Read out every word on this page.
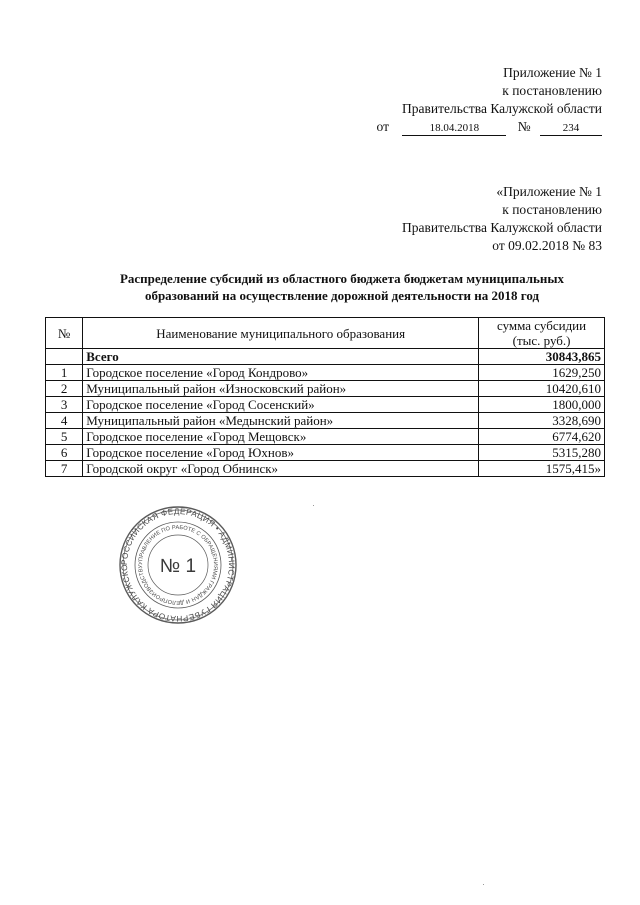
Приложение № 1
к постановлению
Правительства Калужской области
от	18.04.2018	№	234
«Приложение № 1
к постановлению
Правительства Калужской области
от 09.02.2018 № 83
Распределение субсидий из областного бюджета бюджетам муниципальных
образований на осуществление дорожной деятельности на 2018 год
№	Наименование муниципального образования	сумма субсидии
(тыс. руб.)

	Всего	30843,865
1	Городское поселение «Город Кондрово»	1629,250
2	Муниципальный район «Износковский район»	10420,610
3	Городское поселение «Город Сосенский»	1800,000
4	Муниципальный район «Медынский район»	3328,690
5	Городское поселение «Город Мещовск»	6774,620
6	Городское поселение «Город Юхнов»	5315,280
7	Городской округ «Город Обнинск»	1575,415»
РОССИЙСКАЯ ФЕДЕРАЦИЯ • АДМИНИСТРАЦИЯ ГУБЕРНАТОРА КАЛУЖСКО
УПРАВЛЕНИЕ ПО РАБОТЕ С ОБРАЩЕНИЯМИ ГРАЖДАН И ДЕЛОПРОИЗВОДСТВУ № 1
